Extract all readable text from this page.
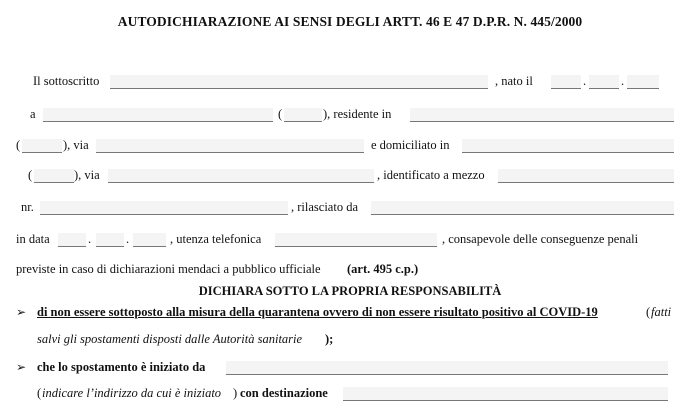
AUTODICHIARAZIONE AI SENSI DEGLI ARTT. 46 E 47 D.P.R. N. 445/2000
Il sottoscritto	, nato il	.	.
a	(	), residente in
(	), via	e domiciliato in
(	), via	, identificato a mezzo
nr.	, rilasciato da
in data	.	.	, utenza telefonica	, consapevole delle conseguenze penali
previste in caso di dichiarazioni mendaci a pubblico ufficiale (art. 495 c.p.)
DICHIARA SOTTO LA PROPRIA RESPONSABILITÀ
➢ di non essere sottoposto alla misura della quarantena ovvero di non essere risultato positivo al COVID-19	( fatti
salvi gli spostamenti disposti dalle Autorità sanitarie );
➢ che lo spostamento è iniziato da
( indicare l’indirizzo da cui è iniziato ) con destinazione
